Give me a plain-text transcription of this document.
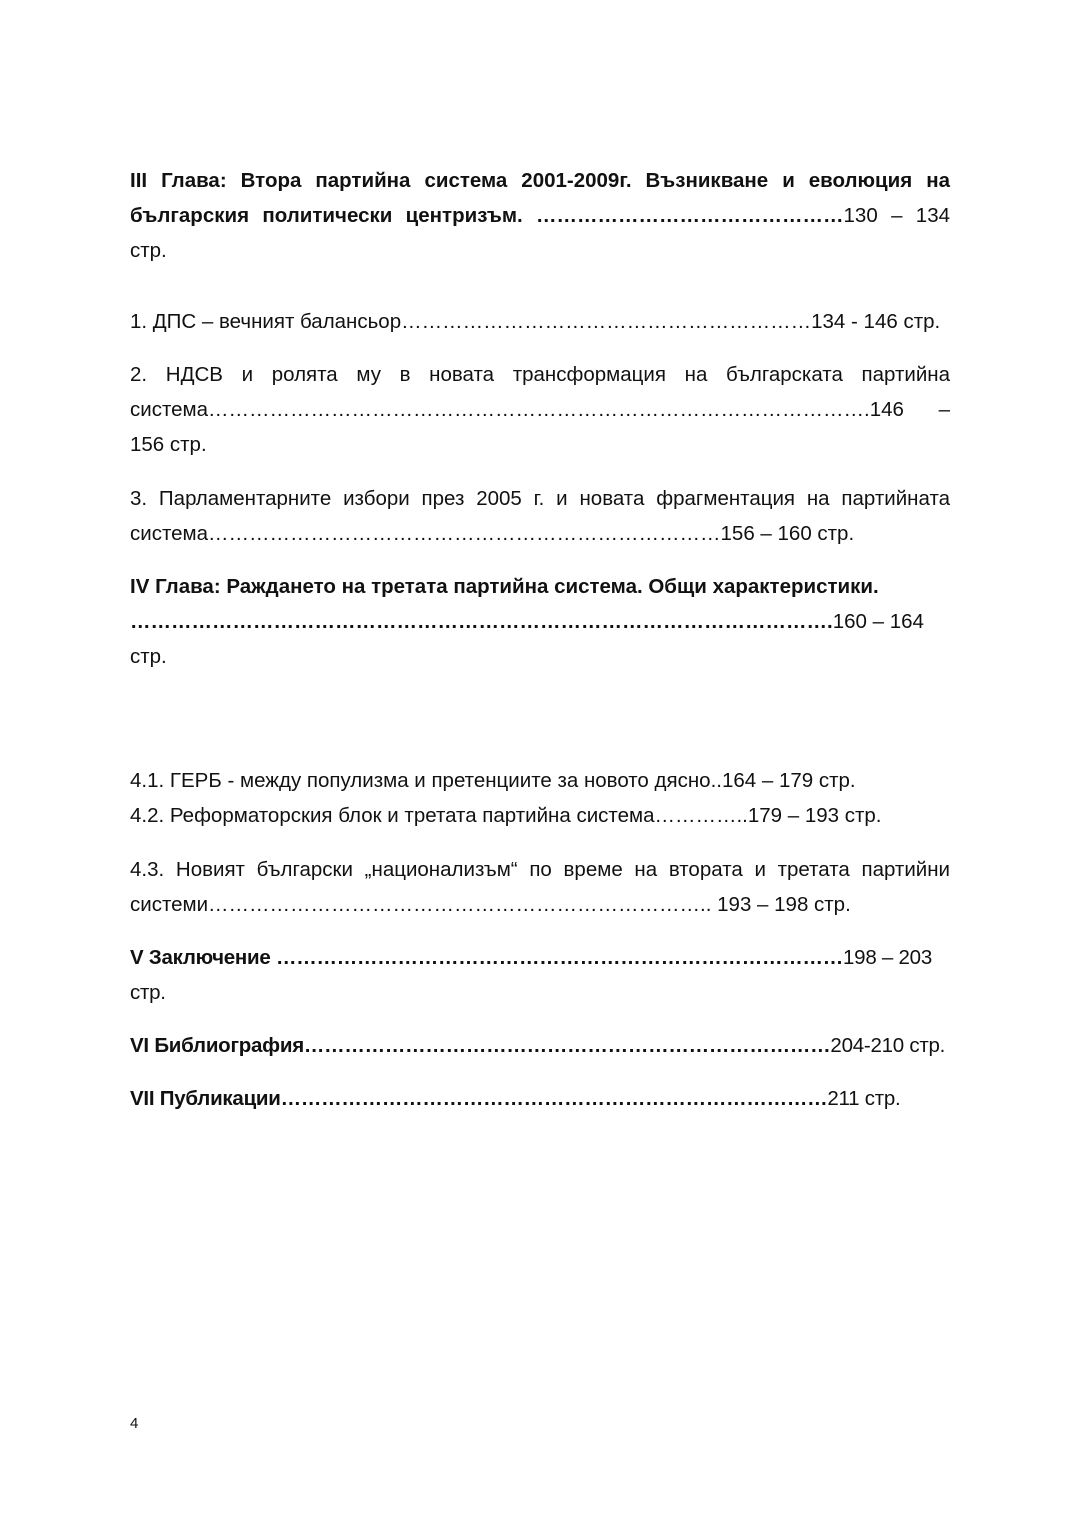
III Глава: Втора партийна система 2001-2009г. Възникване и еволюция на българския политически центризъм. ………………………………………130 – 134 стр.

1. ДПС – вечният балансьор……………………………………………………134 - 146 стр.

2. НДСВ и ролята му в новата трансформация на българската партийна система…………………………………………………………………………………….146 – 156 стр.

3. Парламентарните избори през 2005 г. и новата фрагментация на партийната система…………………………………………………………………156 – 160 стр.

IV Глава: Раждането на третата партийна система. Общи характеристики. ………………………………………………………………………………………….160 – 164 стр.

4.1. ГЕРБ - между популизма и претенциите за новото дясно..164 – 179 стр.

4.2. Реформаторския блок и третата партийна система…………..179 – 193 стр.

4.3. Новият български „национализъм“ по време на втората и третата партийни системи……………………………………………………………….. 193 – 198 стр.

V Заключение …………………………………………………………………………198 – 203 стр.

VI Библиография……………………………………………………………………204-210 стр.

VII Публикации………………………………………………………………………211 стр.

4
